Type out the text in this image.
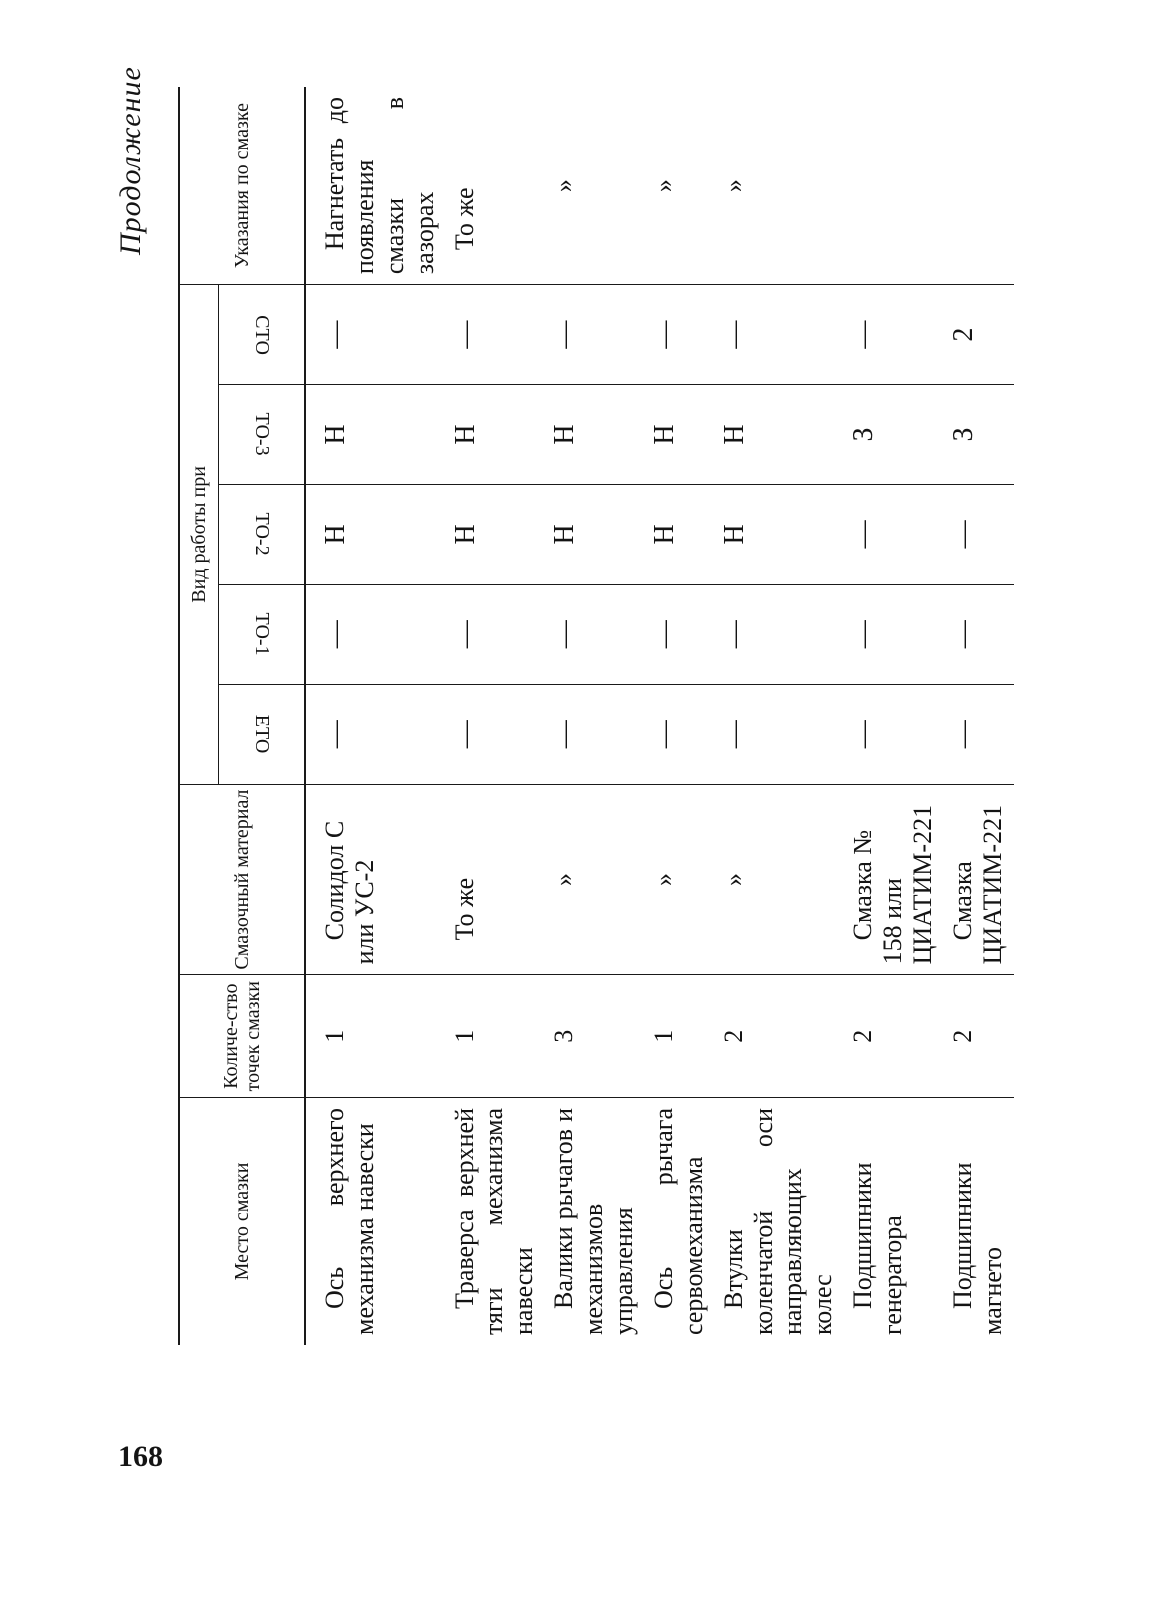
Продолжение
Место смазки	Количе-ство точек смазки	Смазочный материал	Вид работы при					Указания по смазке
			ЕТО	ТО-1	ТО-2	ТО-3	СТО	
Ось верхнего механизма навески	1	Солидол С или УС-2	—	—	Н	Н	—	Нагнетать до появления смазки в зазорах
Траверса верхней тяги механизма навески	1	То же	—	—	Н	Н	—	То же
Валики рычагов и механизмов управления	3	»	—	—	Н	Н	—	»
Ось рычага сервомеханизма	1	»	—	—	Н	Н	—	»
Втулки коленчатой оси направляющих колес	2	»	—	—	Н	Н	—	»
Подшипники генератора	2	Смазка № 158 или ЦИАТИМ-221	—	—	—	З	—	
Подшипники магнето	2	Смазка ЦИАТИМ-221	—	—	—	З	2	
168
